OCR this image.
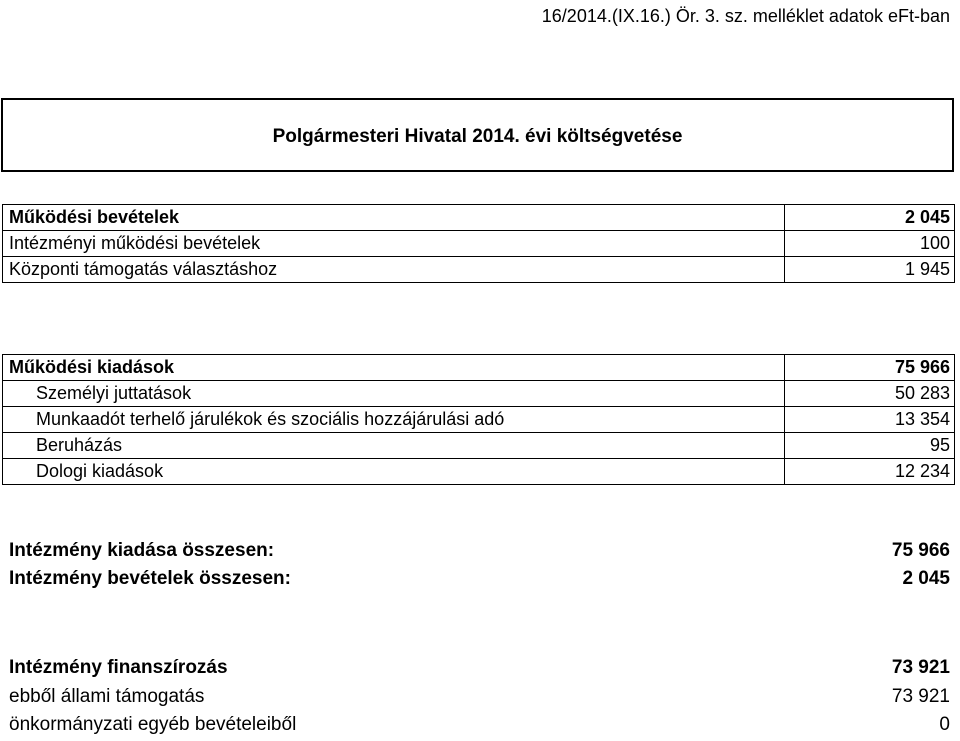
16/2014.(IX.16.) Ör. 3. sz. melléklet adatok eFt-ban
Polgármesteri Hivatal 2014. évi költségvetése
Működési bevételek	2 045
Intézményi működési bevételek	100
Központi támogatás választáshoz	1 945
Működési kiadások	75 966
Személyi juttatások	50 283
Munkaadót terhelő járulékok és szociális hozzájárulási adó	13 354
Beruházás	95
Dologi kiadások	12 234
Intézmény kiadása összesen:	75 966
Intézmény bevételek összesen:	2 045
Intézmény finanszírozás	73 921
ebből állami támogatás	73 921
önkormányzati egyéb bevételeiből	0
